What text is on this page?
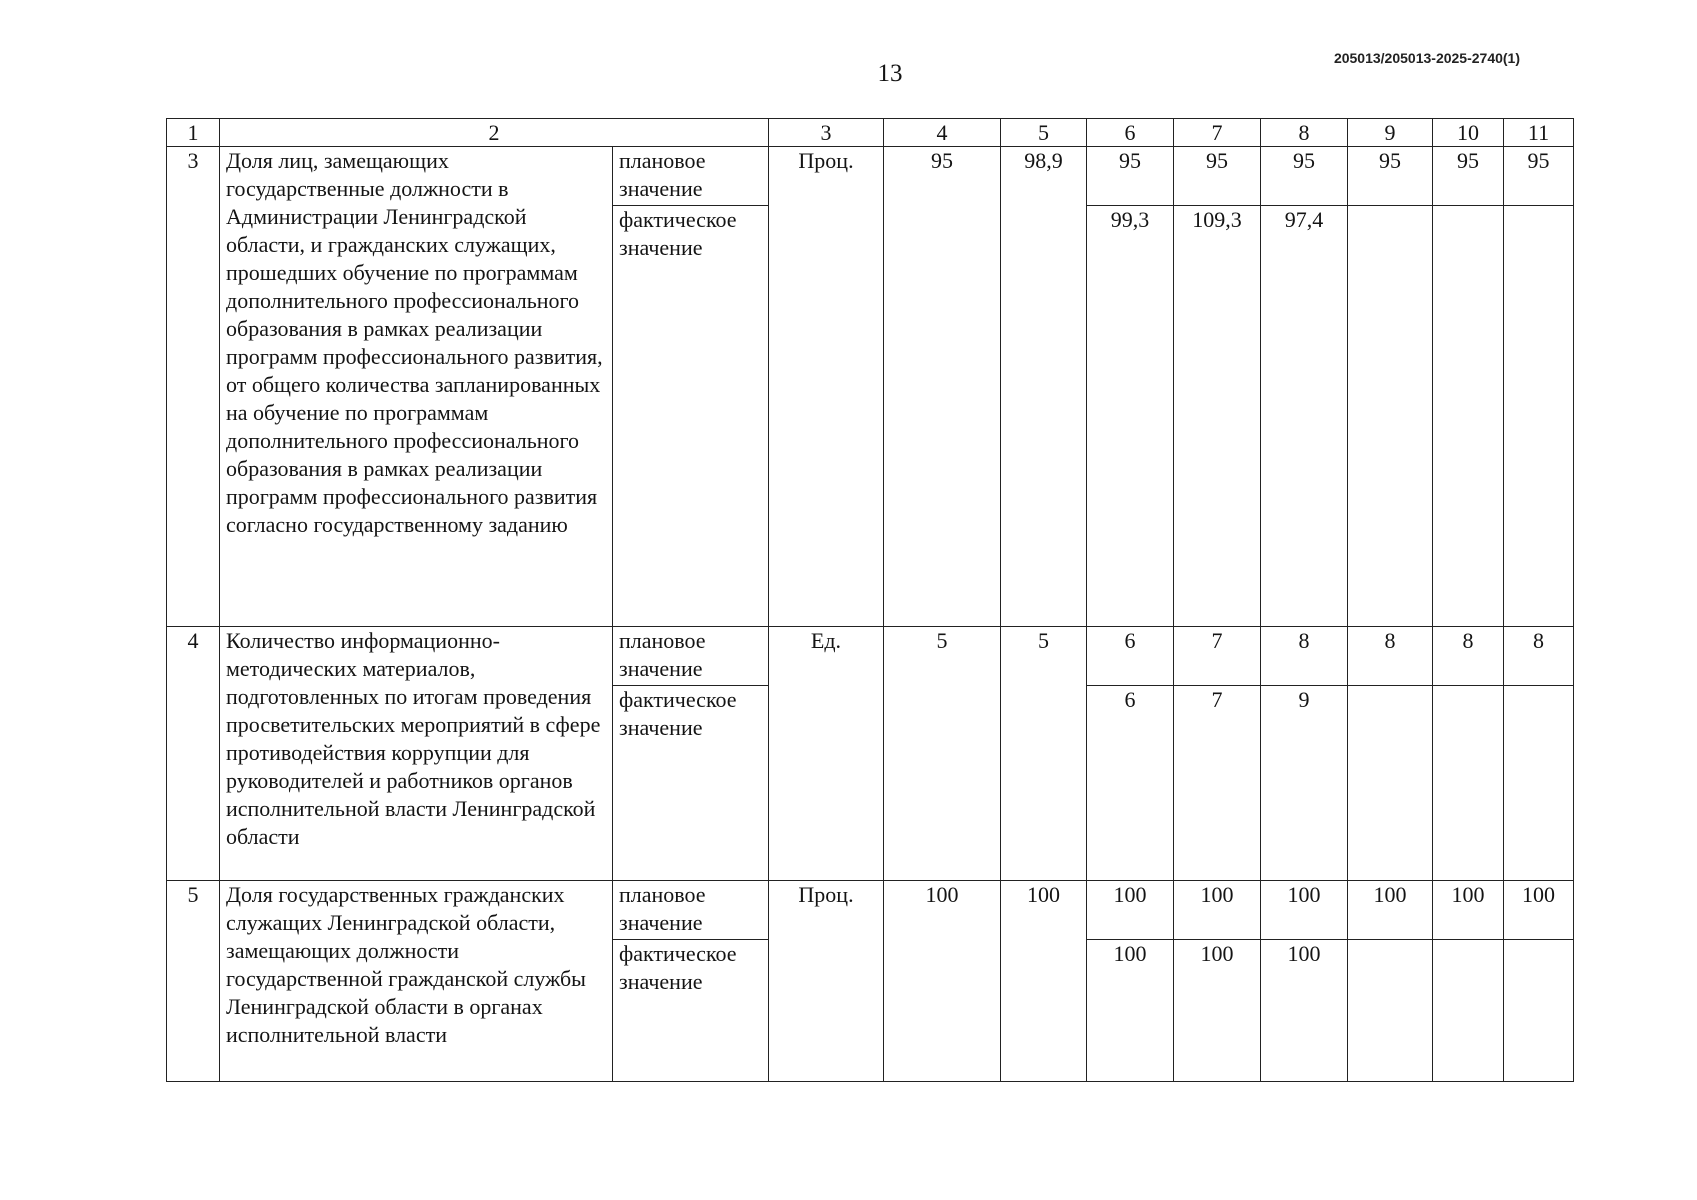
13
205013/205013-2025-2740(1)
1	2		3	4	5	6	7	8	9	10	11
3	Доля лиц, замещающих государственные должности в Администрации Ленинградской области, и гражданских служащих, прошедших обучение по программам дополнительного профессионального образования в рамках реализации программ профессионального развития, от общего количества запланированных на обучение по программам дополнительного профессионального образования в рамках реализации программ профессионального развития согласно государственному заданию	плановое значение	Проц.	95	98,9	95	95	95	95	95	95
		фактическое значение				99,3	109,3	97,4			
4	Количество информационно-методических материалов, подготовленных по итогам проведения просветительских мероприятий в сфере противодействия коррупции для руководителей и работников органов исполнительной власти Ленинградской области	плановое значение	Ед.	5	5	6	7	8	8	8	8
		фактическое значение				6	7	9			
5	Доля государственных гражданских служащих Ленинградской области, замещающих должности государственной гражданской службы Ленинградской области в органах исполнительной власти	плановое значение	Проц.	100	100	100	100	100	100	100	100
		фактическое значение				100	100	100			
